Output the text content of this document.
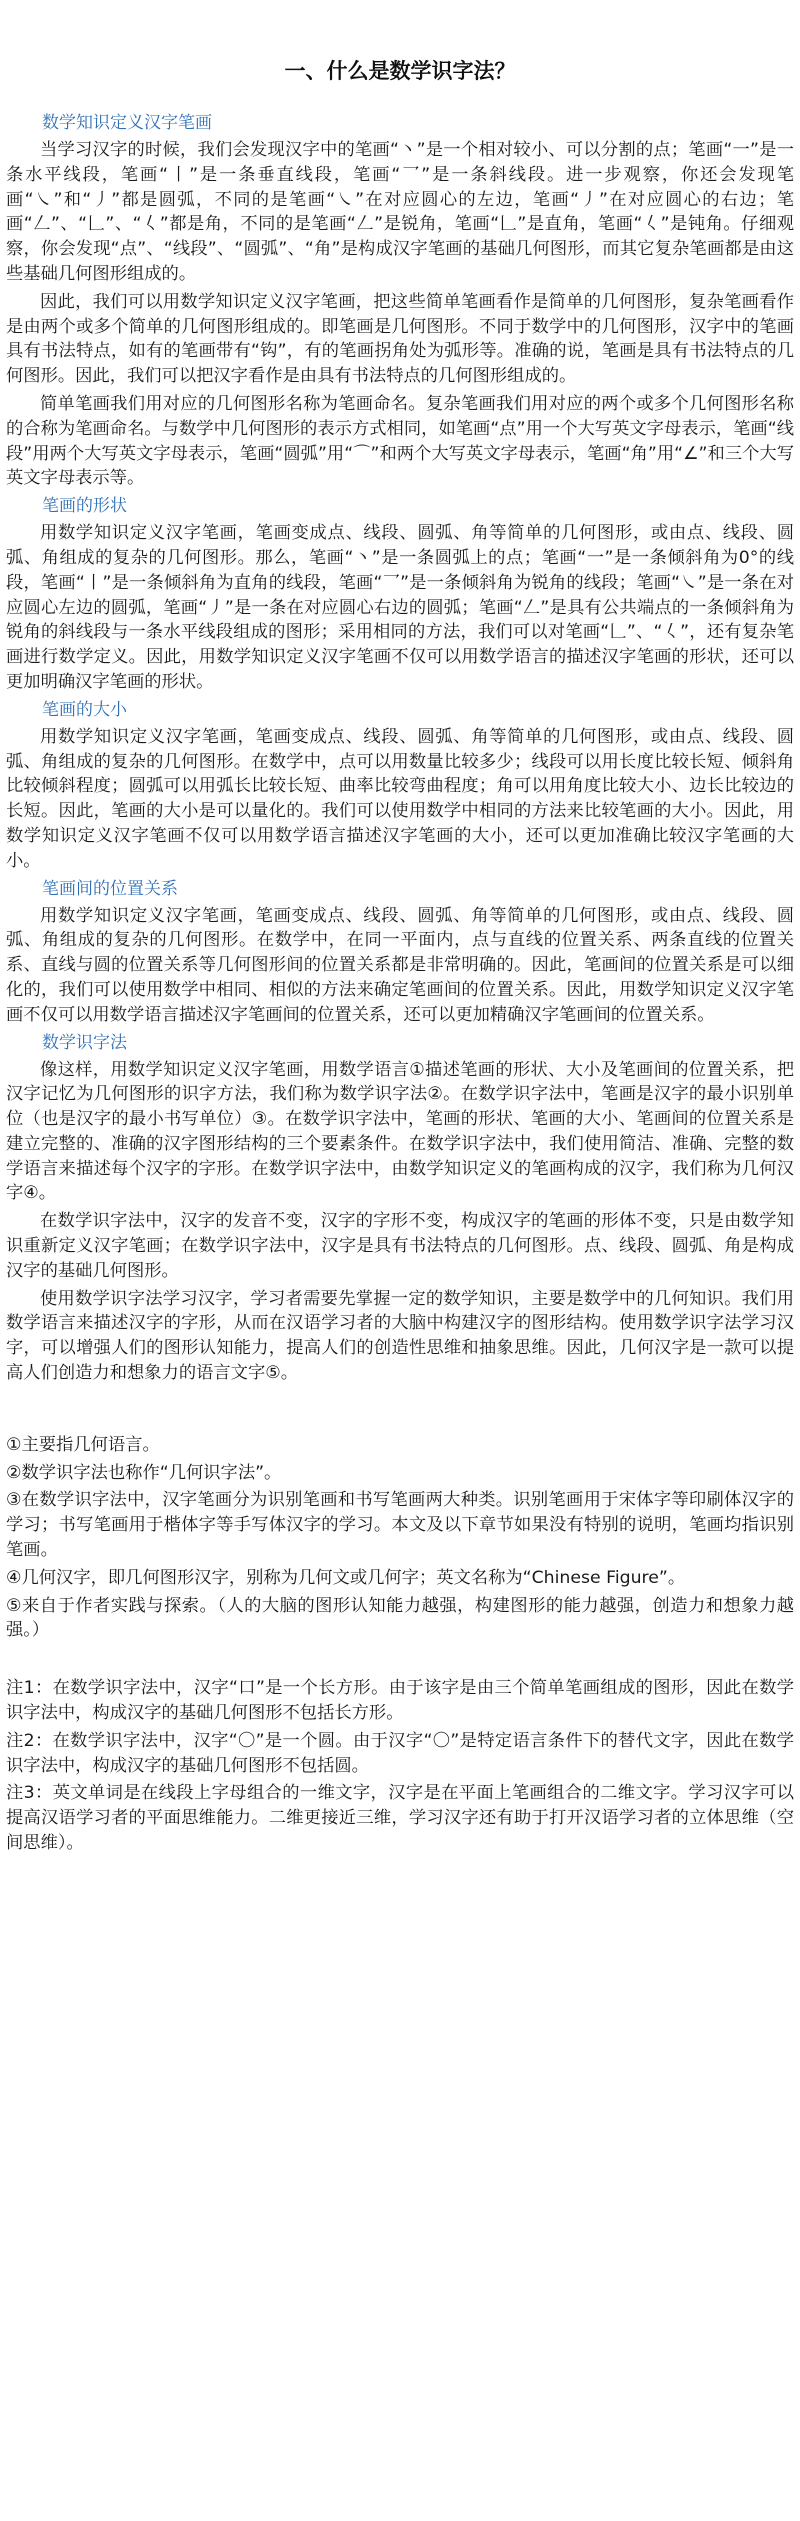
一、什么是数学识字法？
数学知识定义汉字笔画

当学习汉字的时候，我们会发现汉字中的笔画“丶”是一个相对较小、可以分割的点；笔画“一”是一条水平线段，笔画“丨”是一条垂直线段，笔画“乛”是一条斜线段。进一步观察，你还会发现笔画“㇏”和“丿”都是圆弧，不同的是笔画“㇏”在对应圆心的左边，笔画“丿”在对应圆心的右边；笔画“𠃋”、“𠃊”、“𡿨”都是角，不同的是笔画“𠃋”是锐角，笔画“𠃊”是直角，笔画“𡿨”是钝角。仔细观察，你会发现“点”、“线段”、“圆弧”、“角”是构成汉字笔画的基础几何图形，而其它复杂笔画都是由这些基础几何图形组成的。

因此，我们可以用数学知识定义汉字笔画，把这些简单笔画看作是简单的几何图形，复杂笔画看作是由两个或多个简单的几何图形组成的。即笔画是几何图形。不同于数学中的几何图形，汉字中的笔画具有书法特点，如有的笔画带有“钩”，有的笔画拐角处为弧形等。准确的说，笔画是具有书法特点的几何图形。因此，我们可以把汉字看作是由具有书法特点的几何图形组成的。

简单笔画我们用对应的几何图形名称为笔画命名。复杂笔画我们用对应的两个或多个几何图形名称的合称为笔画命名。与数学中几何图形的表示方式相同，如笔画“点”用一个大写英文字母表示，笔画“线段”用两个大写英文字母表示，笔画“圆弧”用“⌒”和两个大写英文字母表示，笔画“角”用“∠”和三个大写英文字母表示等。

笔画的形状

用数学知识定义汉字笔画，笔画变成点、线段、圆弧、角等简单的几何图形，或由点、线段、圆弧、角组成的复杂的几何图形。那么，笔画“丶”是一条圆弧上的点；笔画“一”是一条倾斜角为0°的线段，笔画“丨”是一条倾斜角为直角的线段，笔画“乛”是一条倾斜角为锐角的线段；笔画“㇏”是一条在对应圆心左边的圆弧，笔画“丿”是一条在对应圆心右边的圆弧；笔画“𠃋”是具有公共端点的一条倾斜角为锐角的斜线段与一条水平线段组成的图形；采用相同的方法，我们可以对笔画“𠃊”、“𡿨”，还有复杂笔画进行数学定义。因此，用数学知识定义汉字笔画不仅可以用数学语言的描述汉字笔画的形状，还可以更加明确汉字笔画的形状。

笔画的大小

用数学知识定义汉字笔画，笔画变成点、线段、圆弧、角等简单的几何图形，或由点、线段、圆弧、角组成的复杂的几何图形。在数学中，点可以用数量比较多少；线段可以用长度比较长短、倾斜角比较倾斜程度；圆弧可以用弧长比较长短、曲率比较弯曲程度；角可以用角度比较大小、边长比较边的长短。因此，笔画的大小是可以量化的。我们可以使用数学中相同的方法来比较笔画的大小。因此，用数学知识定义汉字笔画不仅可以用数学语言描述汉字笔画的大小，还可以更加准确比较汉字笔画的大小。

笔画间的位置关系

用数学知识定义汉字笔画，笔画变成点、线段、圆弧、角等简单的几何图形，或由点、线段、圆弧、角组成的复杂的几何图形。在数学中，在同一平面内，点与直线的位置关系、两条直线的位置关系、直线与圆的位置关系等几何图形间的位置关系都是非常明确的。因此，笔画间的位置关系是可以细化的，我们可以使用数学中相同、相似的方法来确定笔画间的位置关系。因此，用数学知识定义汉字笔画不仅可以用数学语言描述汉字笔画间的位置关系，还可以更加精确汉字笔画间的位置关系。

数学识字法

像这样，用数学知识定义汉字笔画，用数学语言①描述笔画的形状、大小及笔画间的位置关系，把汉字记忆为几何图形的识字方法，我们称为数学识字法②。在数学识字法中，笔画是汉字的最小识别单位（也是汉字的最小书写单位）③。在数学识字法中，笔画的形状、笔画的大小、笔画间的位置关系是建立完整的、准确的汉字图形结构的三个要素条件。在数学识字法中，我们使用简洁、准确、完整的数学语言来描述每个汉字的字形。在数学识字法中，由数学知识定义的笔画构成的汉字，我们称为几何汉字④。

在数学识字法中，汉字的发音不变，汉字的字形不变，构成汉字的笔画的形体不变，只是由数学知识重新定义汉字笔画；在数学识字法中，汉字是具有书法特点的几何图形。点、线段、圆弧、角是构成汉字的基础几何图形。

使用数学识字法学习汉字，学习者需要先掌握一定的数学知识，主要是数学中的几何知识。我们用数学语言来描述汉字的字形，从而在汉语学习者的大脑中构建汉字的图形结构。使用数学识字法学习汉字，可以增强人们的图形认知能力，提高人们的创造性思维和抽象思维。因此，几何汉字是一款可以提高人们创造力和想象力的语言文字⑤。

①主要指几何语言。

②数学识字法也称作“几何识字法”。

③在数学识字法中，汉字笔画分为识别笔画和书写笔画两大种类。识别笔画用于宋体字等印刷体汉字的学习；书写笔画用于楷体字等手写体汉字的学习。本文及以下章节如果没有特别的说明，笔画均指识别笔画。

④几何汉字，即几何图形汉字，别称为几何文或几何字；英文名称为“Chinese Figure”。

⑤来自于作者实践与探索。（人的大脑的图形认知能力越强，构建图形的能力越强，创造力和想象力越强。）

注1：在数学识字法中，汉字“口”是一个长方形。由于该字是由三个简单笔画组成的图形，因此在数学识字法中，构成汉字的基础几何图形不包括长方形。

注2：在数学识字法中，汉字“〇”是一个圆。由于汉字“〇”是特定语言条件下的替代文字，因此在数学识字法中，构成汉字的基础几何图形不包括圆。

注3：英文单词是在线段上字母组合的一维文字，汉字是在平面上笔画组合的二维文字。学习汉字可以提高汉语学习者的平面思维能力。二维更接近三维，学习汉字还有助于打开汉语学习者的立体思维（空间思维）。
